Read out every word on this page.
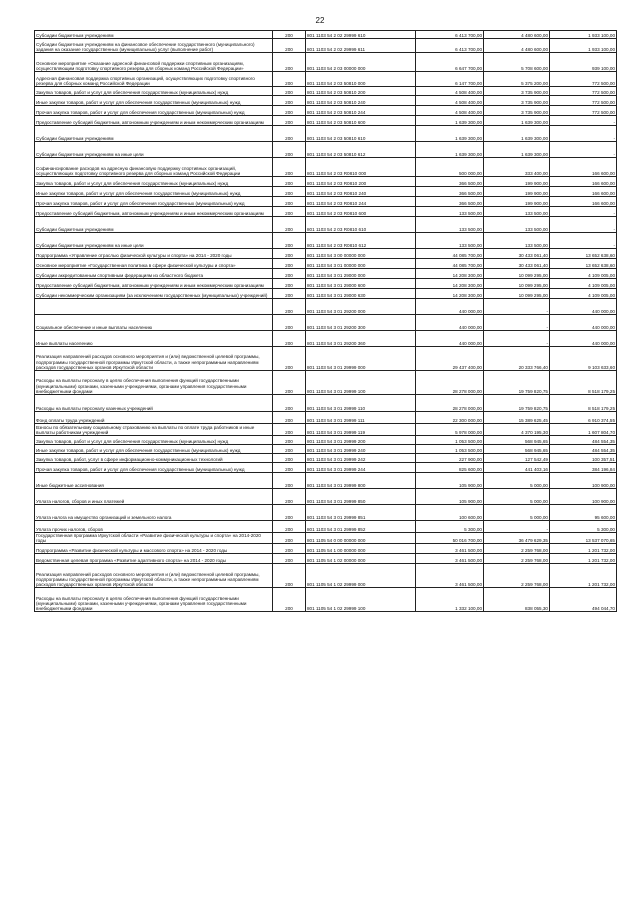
22
Субсидии бюджетным учреждениям	200	801 1103 54 2 02 29999 610	6 413 700,00	4 480 600,00	1 933 100,00
Субсидии бюджетным учреждениям на финансовое обеспечение государственного (муниципального) задания на оказание государственных (муниципальных) услуг (выполнение работ)	200	801 1103 54 2 02 29999 611	6 413 700,00	4 480 600,00	1 933 100,00
Основное мероприятие «Оказание адресной финансовой поддержки спортивным организациям, осуществляющим подготовку спортивного резерва для сборных команд Российской Федерации»	200	801 1103 54 2 03 00000 000	6 647 700,00	5 708 600,00	939 100,00
Адресная финансовая поддержка спортивных организаций, осуществляющих подготовку спортивного резерва для сборных команд Российской Федерации	200	801 1103 54 2 03 50810 000	6 147 700,00	5 375 200,00	772 500,00
Закупка товаров, работ и услуг для обеспечения государственных (муниципальных) нужд	200	801 1103 54 2 03 50810 200	4 508 400,00	3 735 900,00	772 500,00
Иные закупки товаров, работ и услуг для обеспечения государственных (муниципальных) нужд	200	801 1103 54 2 03 50810 240	4 508 400,00	3 735 900,00	772 500,00
Прочая закупка товаров, работ и услуг для обеспечения государственных (муниципальных) нужд	200	801 1103 54 2 03 50810 244	4 508 400,00	3 735 900,00	772 500,00
Предоставление субсидий бюджетным, автономным учреждениям и иным некоммерческим организациям	200	801 1103 54 2 03 50810 600	1 639 300,00	1 639 300,00	-
Субсидии бюджетным учреждениям	200	801 1103 54 2 03 50810 610	1 639 300,00	1 639 300,00	-
Субсидии бюджетным учреждениям на иные цели	200	801 1103 54 2 03 50810 612	1 639 300,00	1 639 300,00	-
Софинансирование расходов на адресную финансовую поддержку спортивных организаций, осуществляющих подготовку спортивного резерва для сборных команд Российской Федерации	200	801 1103 54 2 03 R0810 000	500 000,00	333 400,00	166 600,00
Закупка товаров, работ и услуг для обеспечения государственных (муниципальных) нужд	200	801 1103 54 2 03 R0810 200	366 500,00	199 900,00	166 600,00
Иные закупки товаров, работ и услуг для обеспечения государственных (муниципальных) нужд	200	801 1103 54 2 03 R0810 240	366 500,00	199 900,00	166 600,00
Прочая закупка товаров, работ и услуг для обеспечения государственных (муниципальных) нужд	200	801 1103 54 2 03 R0810 244	366 500,00	199 900,00	166 600,00
Предоставление субсидий бюджетным, автономным учреждениям и иным некоммерческим организациям	200	801 1103 54 2 03 R0810 600	133 500,00	133 500,00	-
Субсидии бюджетным учреждениям	200	801 1103 54 2 03 R0810 610	133 500,00	133 500,00	-
Субсидии бюджетным учреждениям на иные цели	200	801 1103 54 2 03 R0810 612	133 500,00	133 500,00	-
Подпрограмма «Управление отраслью физической культуры и спорта» на 2014 - 2020 годы	200	801 1103 54 3 00 00000 000	44 085 700,00	30 433 061,40	13 652 638,60
Основное мероприятие «Государственная политика в сфере физической культуры и спорта»	200	801 1103 54 3 01 00000 000	44 085 700,00	30 433 061,40	13 652 638,60
Субсидии аккредитованным спортивным федерациям из областного бюджета	200	801 1103 54 3 01 29000 000	14 208 300,00	10 099 295,00	4 109 005,00
Предоставление субсидий бюджетным, автономным учреждениям и иным некоммерческим организациям	200	801 1103 54 3 01 29000 600	14 208 300,00	10 099 295,00	4 109 005,00
Субсидии некоммерческим организациям (за исключением государственных (муниципальных) учреждений)	200	801 1103 54 3 01 29000 630	14 208 300,00	10 099 295,00	4 109 005,00
	200	801 1103 54 3 01 29200 000	440 000,00	-	440 000,00
Социальное обеспечение и иные выплаты населению	200	801 1103 54 3 01 29200 300	440 000,00	-	440 000,00
Иные выплаты населению	200	801 1103 54 3 01 29200 360	440 000,00	-	440 000,00
Реализация направлений расходов основного мероприятия и (или) ведомственной целевой программы, подпрограммы государственной программы Иркутской области, а также непрограммным направлениям расходов государственных органов Иркутской области	200	801 1103 54 3 01 29999 000	29 437 400,00	20 333 766,40	9 103 633,60
Расходы на выплаты персоналу в целях обеспечения выполнения функций государственными (муниципальными) органами, казенными учреждениями, органами управления государственными внебюджетными фондами	200	801 1103 54 3 01 29999 100	28 278 000,00	19 759 820,75	8 518 179,25
Расходы на выплаты персоналу казенных учреждений	200	801 1103 54 3 01 29999 110	28 278 000,00	19 759 820,75	8 518 179,25
Фонд оплаты труда учреждений	200	801 1103 54 3 01 29999 111	22 300 000,00	15 389 625,45	6 910 374,55
Взносы по обязательному социальному страхованию на выплаты по оплате труда работников и иные выплаты работникам учреждений	200	801 1103 54 3 01 29999 119	5 978 000,00	4 370 195,30	1 607 804,70
Закупка товаров, работ и услуг для обеспечения государственных (муниципальных) нужд	200	801 1103 54 3 01 29999 200	1 053 500,00	568 945,65	484 554,35
Иные закупки товаров, работ и услуг для обеспечения государственных (муниципальных) нужд	200	801 1103 54 3 01 29999 240	1 053 500,00	568 945,65	484 554,35
Закупка товаров, работ, услуг в сфере информационно-коммуникационных технологий	200	801 1103 54 3 01 29999 242	227 900,00	127 542,49	100 357,51
Прочая закупка товаров, работ и услуг для обеспечения государственных (муниципальных) нужд	200	801 1103 54 3 01 29999 244	825 600,00	441 403,16	384 196,84
Иные бюджетные ассигнования	200	801 1103 54 3 01 29999 800	105 900,00	5 000,00	100 900,00
Уплата налогов, сборов и иных платежей	200	801 1103 54 3 01 29999 850	105 900,00	5 000,00	100 900,00
Уплата налога на имущество организаций и земельного налога	200	801 1103 54 3 01 29999 851	100 600,00	5 000,00	95 600,00
Уплата прочих налогов, сборов	200	801 1103 54 3 01 29999 852	5 300,00	-	5 300,00
Государственная программа Иркутской области «Развитие физической культуры и спорта» на 2014-2020 годы	200	801 1105 54 0 00 00000 000	50 016 700,00	36 479 629,35	13 537 070,65
Подпрограмма «Развитие физической культуры и массового спорта» на 2014 - 2020 годы	200	801 1105 54 1 00 00000 000	3 461 500,00	2 259 768,00	1 201 732,00
Ведомственная целевая программа «Развитие адаптивного спорта» на 2014 - 2020 годы	200	801 1105 54 1 02 00000 000	3 461 500,00	2 259 768,00	1 201 732,00
Реализация направлений расходов основного мероприятия и (или) ведомственной целевой программы, подпрограммы государственной программы Иркутской области, а также непрограммным направлениям расходов государственных органов Иркутской области	200	801 1105 54 1 02 29999 000	3 461 500,00	2 259 768,00	1 201 732,00
Расходы на выплаты персоналу в целях обеспечения выполнения функций государственными (муниципальными) органами, казенными учреждениями, органами управления государственными внебюджетными фондами	200	801 1105 54 1 02 29999 100	1 332 100,00	838 055,30	494 044,70
